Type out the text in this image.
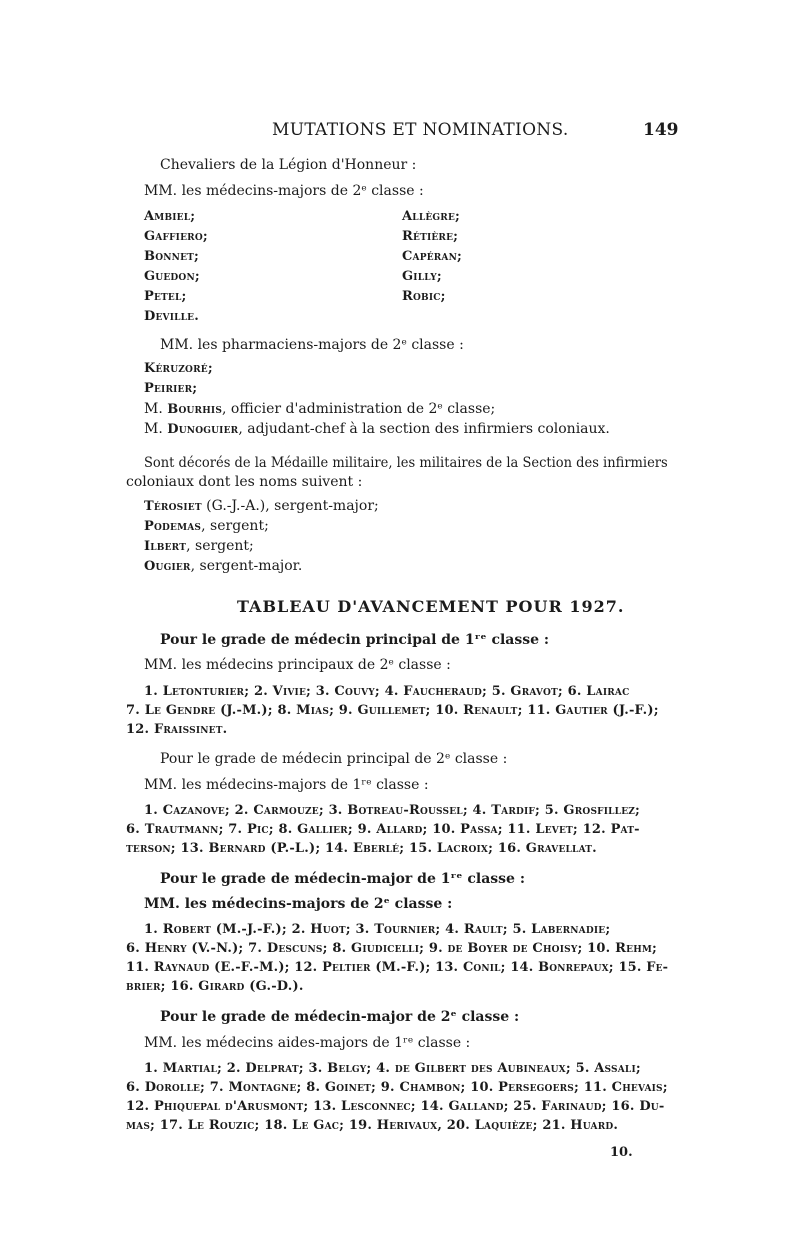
MUTATIONS ET NOMINATIONS.	149
Chevaliers de la Légion d'Honneur :
MM. les médecins-majors de 2ᵉ classe :
Ambiel;
Gaffiero;
Bonnet;
Guedon;
Petel;
Deville.
Allègre;
Rétière;
Capéran;
Gilly;
Robic;
MM. les pharmaciens-majors de 2ᵉ classe :
Kéruzoré;
Peirier;
M. Bourhis, officier d'administration de 2ᵉ classe;
M. Dunoguier, adjudant-chef à la section des infirmiers coloniaux.
Sont décorés de la Médaille militaire, les militaires de la Section des infirmiers
coloniaux dont les noms suivent :
Térosiet (G.-J.-A.), sergent-major;
Podemas, sergent;
Ilbert, sergent;
Ougier, sergent-major.
TABLEAU D'AVANCEMENT POUR 1927.
Pour le grade de médecin principal de 1ʳᵉ classe :
MM. les médecins principaux de 2ᵉ classe :
1. Letonturier; 2. Vivie; 3. Couvy; 4. Faucheraud; 5. Gravot; 6. Lairac
7. Le Gendre (J.-M.); 8. Mias; 9. Guillemet; 10. Renault; 11. Gautier (J.-F.);
12. Fraissinet.
Pour le grade de médecin principal de 2ᵉ classe :
MM. les médecins-majors de 1ʳᵉ classe :
1. Cazanove; 2. Carmouze; 3. Botreau-Roussel; 4. Tardif; 5. Grosfillez;
6. Trautmann; 7. Pic; 8. Gallier; 9. Allard; 10. Passa; 11. Levet; 12. Pat-
terson; 13. Bernard (P.-L.); 14. Eberlé; 15. Lacroix; 16. Gravellat.
Pour le grade de médecin-major de 1ʳᵉ classe :
MM. les médecins-majors de 2ᵉ classe :
1. Robert (M.-J.-F.); 2. Huot; 3. Tournier; 4. Rault; 5. Labernadie;
6. Henry (V.-N.); 7. Descuns; 8. Giudicelli; 9. de Boyer de Choisy; 10. Rehm;
11. Raynaud (E.-F.-M.); 12. Peltier (M.-F.); 13. Conil; 14. Bonrepaux; 15. Fe-
brier; 16. Girard (G.-D.).
Pour le grade de médecin-major de 2ᵉ classe :
MM. les médecins aides-majors de 1ʳᵉ classe :
1. Martial; 2. Delprat; 3. Belgy; 4. de Gilbert des Aubineaux; 5. Assali;
6. Dorolle; 7. Montagne; 8. Goinet; 9. Chambon; 10. Persegoers; 11. Chevais;
12. Phiquepal d'Arusmont; 13. Lesconnec; 14. Galland; 25. Farinaud; 16. Du-
mas; 17. Le Rouzic; 18. Le Gac; 19. Herivaux, 20. Laquièze; 21. Huard.
10.
